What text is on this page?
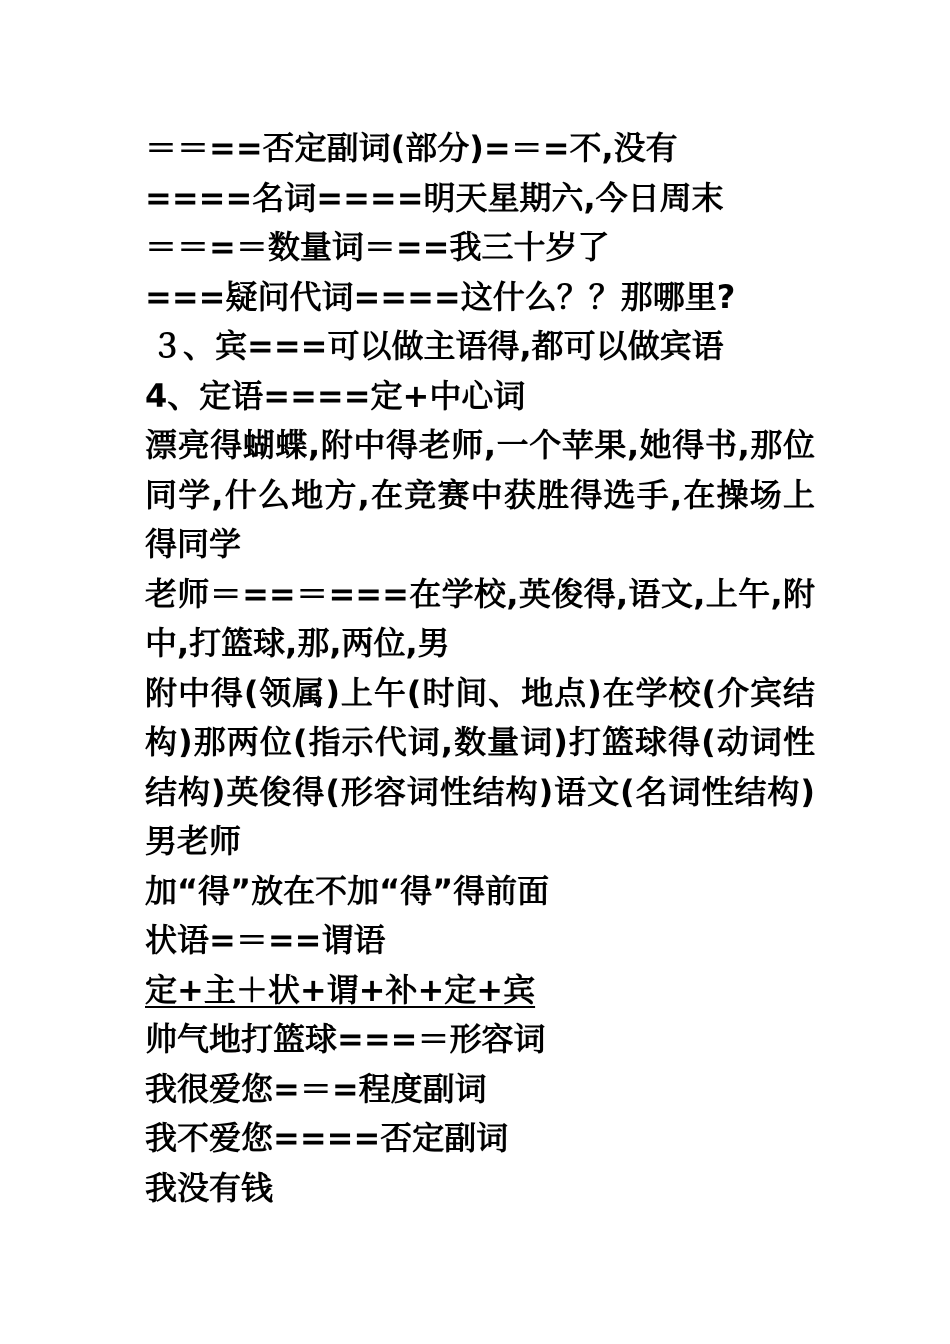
＝＝==否定副词(部分)=＝=不,没有
====名词====明天星期六,今日周末
＝＝=＝数量词＝==我三十岁了
===疑问代词====这什么？？那哪里?
３、宾===可以做主语得,都可以做宾语
4、定语====定+中心词
漂亮得蝴蝶,附中得老师,一个苹果,她得书,那位同学,什么地方,在竞赛中获胜得选手,在操场上得同学
老师＝==＝===在学校,英俊得,语文,上午,附中,打篮球,那,两位,男
附中得(领属)上午(时间、地点)在学校(介宾结构)那两位(指示代词,数量词)打篮球得(动词性结构)英俊得(形容词性结构)语文(名词性结构)男老师
加“得”放在不加“得”得前面
状语=＝==谓语
定+主＋状+谓+补+定+宾
帅气地打篮球===＝形容词
我很爱您=＝=程度副词
我不爱您====否定副词
我没有钱
